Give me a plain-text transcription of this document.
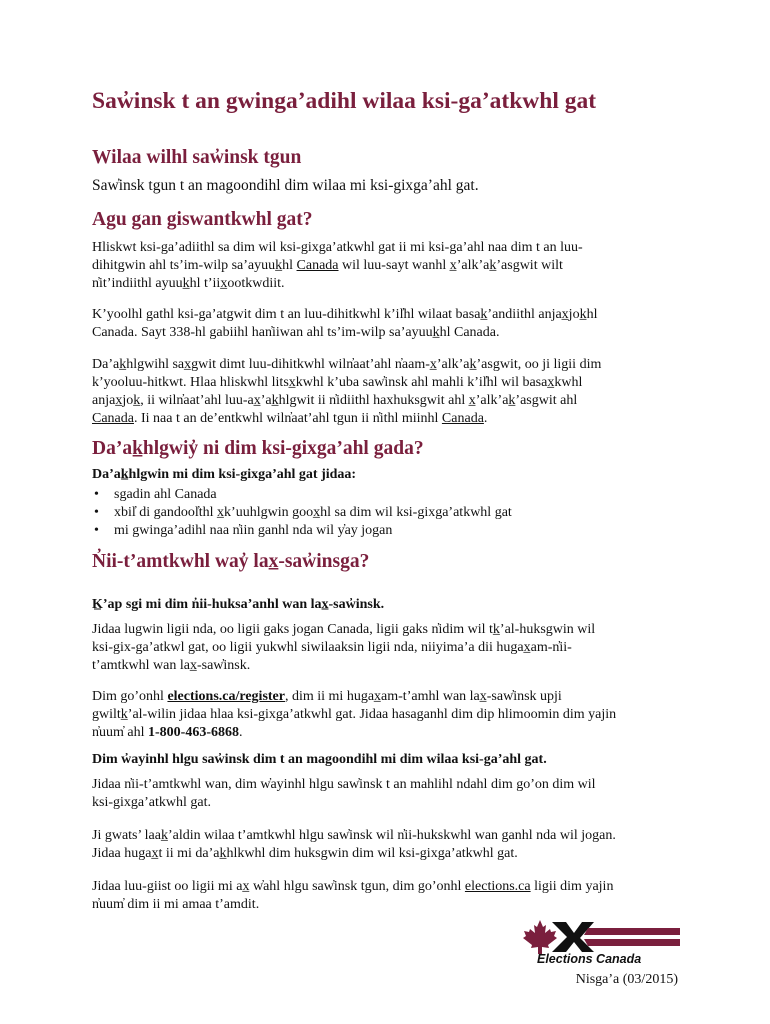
Saw̓insk t an gwinga’adihl wilaa ksi-ga’atkwhl gat
Wilaa wilhl saw̓insk tgun
Saw̓insk tgun t an magoondihl dim wilaa mi ksi-gixga’ahl gat.
Agu gan giswantkwhl gat?
Hliskwt ksi-ga’adiithl sa dim wil ksi-gixga’atkwhl gat ii mi ksi-ga’ahl naa dim t an luu-
dihitgwin ahl ts’im-wilp sa’ayuuk̲hl Canada wil luu-sayt wanhl x̲’alk’ak̲’asgwit wilt
n̓it’indiithl ayuuk̲hl t’iix̲ootkwdiit.
K’yoolhl gathl ksi-ga’atgwit dim t an luu-dihitkwhl k’il̓hl wilaat basak̲’andiithl anjax̲jok̲hl
Canada. Sayt 338-hl gabiihl han̓iiwan ahl ts’im-wilp sa’ayuuk̲hl Canada.
Da’ak̲hlgwihl sax̲gwit dimt luu-dihitkwhl wiln̓aat’ahl n̓aam-x̲’alk’ak̲’asgwit, oo ji ligii dim
k’yooluu-hitkwt. Hlaa hliskwhl litsx̲kwhl k’uba saw̓insk ahl mahli k’il̓hl wil basax̲kwhl
anjax̲jok̲, ii wiln̓aat’ahl luu-ax̲’ak̲hlgwit ii n̓idiithl haxhuksgwit ahl x̲’alk’ak̲’asgwit ahl
Canada. Ii naa t an de’entkwhl wiln̓aat’ahl tgun ii n̓ithl miinhl Canada.
Da’ak̲hlgwiy̓ ni dim ksi-gixga’ahl gada?
Da’ak̲hlgwin mi dim ksi-gixga’ahl gat jidaa:
• sgadin ahl Canada
• xbil̓ di gandool̓thl x̲k’uuhlgwin goox̲hl sa dim wil ksi-gixga’atkwhl gat
• mi gwinga’adihl naa n̓iin ganhl nda wil y̓ay jogan
N̓ii-t’amtkwhl way̓ lax̲-saw̓insga?
K̲’ap sgi mi dim n̓ii-huksa’anhl wan lax̲-saw̓insk.
Jidaa lugwin ligii nda, oo ligii gaks jogan Canada, ligii gaks n̓idim wil tk̲’al-huksgwin wil
ksi-gix-ga’atkwl gat, oo ligii yukwhl siwilaaksin ligii nda, niiyima’a dii hugax̲am-n̓ii-
t’amtkwhl wan lax̲-saw̓insk.
Dim go’onhl elections.ca/register, dim ii mi hugax̲am-t’amhl wan lax̲-saw̓insk upji
gwiltk̲’al-wilin jidaa hlaa ksi-gixga’atkwhl gat. Jidaa hasaganhl dim dip hlimoomin dim yajin
n̓uum̓ ahl 1-800-463-6868.
Dim w̓ayinhl hlgu saw̓insk dim t an magoondihl mi dim wilaa ksi-ga’ahl gat.
Jidaa n̓ii-t’amtkwhl wan, dim w̓ayinhl hlgu saw̓insk t an mahlihl ndahl dim go’on dim wil
ksi-gixga’atkwhl gat.
Ji gwats’ laak̲’aldin wilaa t’amtkwhl hlgu saw̓insk wil n̓ii-hukskwhl wan ganhl nda wil jogan.
Jidaa hugax̲t ii mi da’ak̲hlkwhl dim huksgwin dim wil ksi-gixga’atkwhl gat.
Jidaa luu-giist oo ligii mi ax̲ w̓ahl hlgu saw̓insk tgun, dim go’onhl elections.ca ligii dim yajin
n̓uum̓ dim ii mi amaa t’amdit.
Elections Canada
Nisga’a (03/2015)
